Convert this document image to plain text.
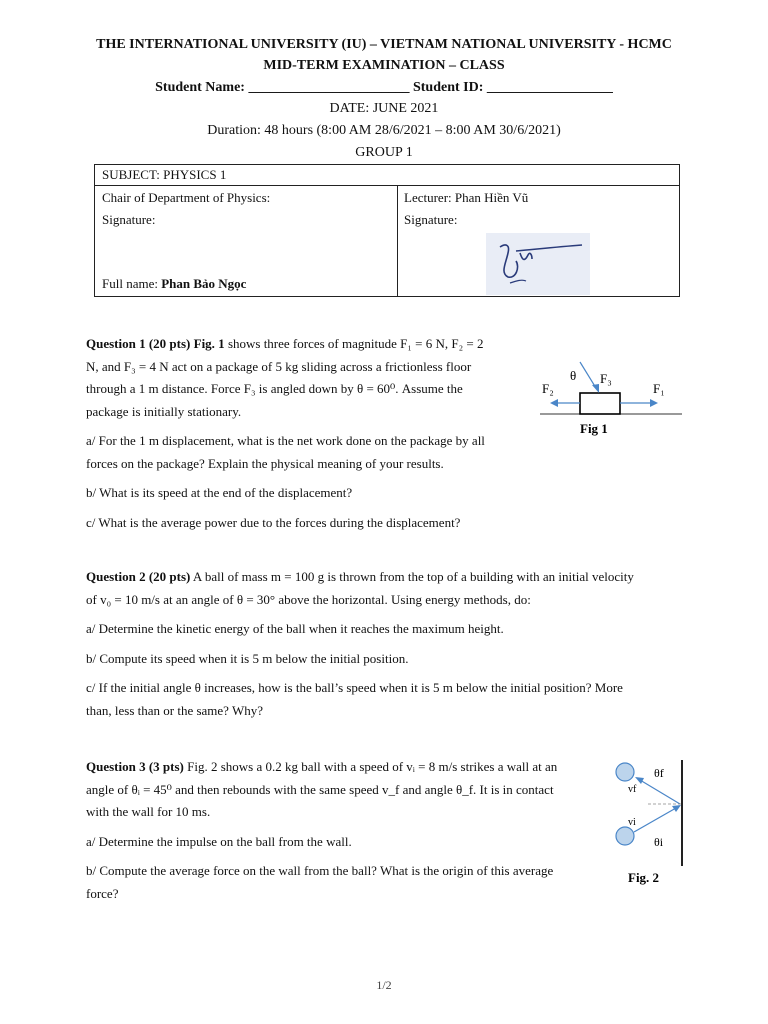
THE INTERNATIONAL UNIVERSITY (IU) – VIETNAM NATIONAL UNIVERSITY - HCMC
MID-TERM EXAMINATION – CLASS
Student Name: _______________________ Student ID: __________________
DATE: JUNE 2021
Duration: 48 hours (8:00 AM 28/6/2021 – 8:00 AM 30/6/2021)
GROUP 1
SUBJECT: PHYSICS 1
Chair of Department of Physics:
Signature:
Full name: Phan Bảo Ngọc
Lecturer: Phan Hiền Vũ
Signature:

Question 1 (20 pts) Fig. 1 shows three forces of magnitude F₁ = 6 N, F₂ = 2

N, and F₃ = 4 N act on a package of 5 kg sliding across a frictionless floor

through a 1 m distance. Force F₃ is angled down by θ = 60⁰. Assume the

package is initially stationary.

a/ For the 1 m displacement, what is the net work done on the package by all

forces on the package? Explain the physical meaning of your results.

b/ What is its speed at the end of the displacement?

c/ What is the average power due to the forces during the displacement?

θ F₃
F₂	F₁
Fig 1

Question 2 (20 pts) A ball of mass m = 100 g is thrown from the top of a building with an initial velocity

of v₀ = 10 m/s at an angle of θ = 30° above the horizontal. Using energy methods, do:

a/ Determine the kinetic energy of the ball when it reaches the maximum height.

b/ Compute its speed when it is 5 m below the initial position.

c/ If the initial angle θ increases, how is the ball’s speed when it is 5 m below the initial position? More

than, less than or the same? Why?

Question 3 (3 pts) Fig. 2 shows a 0.2 kg ball with a speed of vᵢ = 8 m/s strikes a wall at an

angle of θᵢ = 45⁰ and then rebounds with the same speed v_f and angle θ_f. It is in contact

with the wall for 10 ms.

a/ Determine the impulse on the ball from the wall.

b/ Compute the average force on the wall from the ball? What is the origin of this average

force?

θf
vf
vi
θi
Fig. 2
1/2
